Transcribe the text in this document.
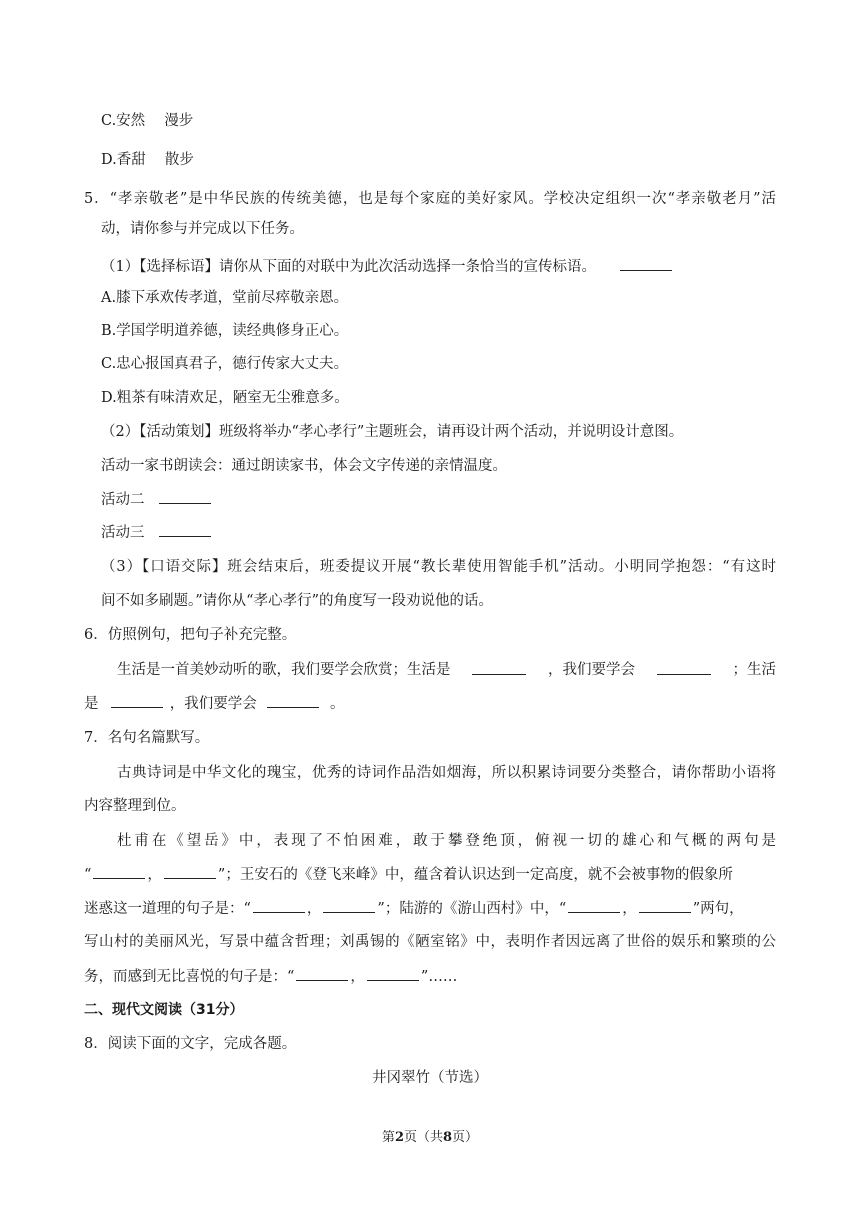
C.安然　 漫步
D.香甜　 散步
5．“孝亲敬老”是中华民族的传统美德，也是每个家庭的美好家风。学校决定组织一次“孝亲敬老月”活
动，请你参与并完成以下任务。
（1）【选择标语】请你从下面的对联中为此次活动选择一条恰当的宣传标语。
A.膝下承欢传孝道，堂前尽瘁敬亲恩。
B.学国学明道养德，读经典修身正心。
C.忠心报国真君子，德行传家大丈夫。
D.粗茶有味清欢足，陋室无尘雅意多。
（2）【活动策划】班级将举办“孝心孝行”主题班会，请再设计两个活动，并说明设计意图。
活动一家书朗读会：通过朗读家书，体会文字传递的亲情温度。
活动二
活动三
（3）【口语交际】班会结束后，班委提议开展“教长辈使用智能手机”活动。小明同学抱怨：“有这时
间不如多刷题。”请你从“孝心孝行”的角度写一段劝说他的话。
6．仿照例句，把句子补充完整。
生活是一首美妙动听的歌，我们要学会欣赏；生活是	，我们要学会	；生活
是	，我们要学会	。
7．名句名篇默写。
古典诗词是中华文化的瑰宝，优秀的诗词作品浩如烟海，所以积累诗词要分类整合，请你帮助小语将
内容整理到位。
杜甫在《望岳》中，表现了不怕困难，敢于攀登绝顶，俯视一切的雄心和气概的两句是
“	，	”；王安石的《登飞来峰》中，蕴含着认识达到一定高度，就不会被事物的假象所
迷惑这一道理的句子是：“	，	”；陆游的《游山西村》中，“	，	”两句，
写山村的美丽风光，写景中蕴含哲理；刘禹锡的《陋室铭》中，表明作者因远离了世俗的娱乐和繁琐的公
务，而感到无比喜悦的句子是：“	，	”……
二、现代文阅读（31分）
8．阅读下面的文字，完成各题。
井冈翠竹（节选）
第2页（共8页）
